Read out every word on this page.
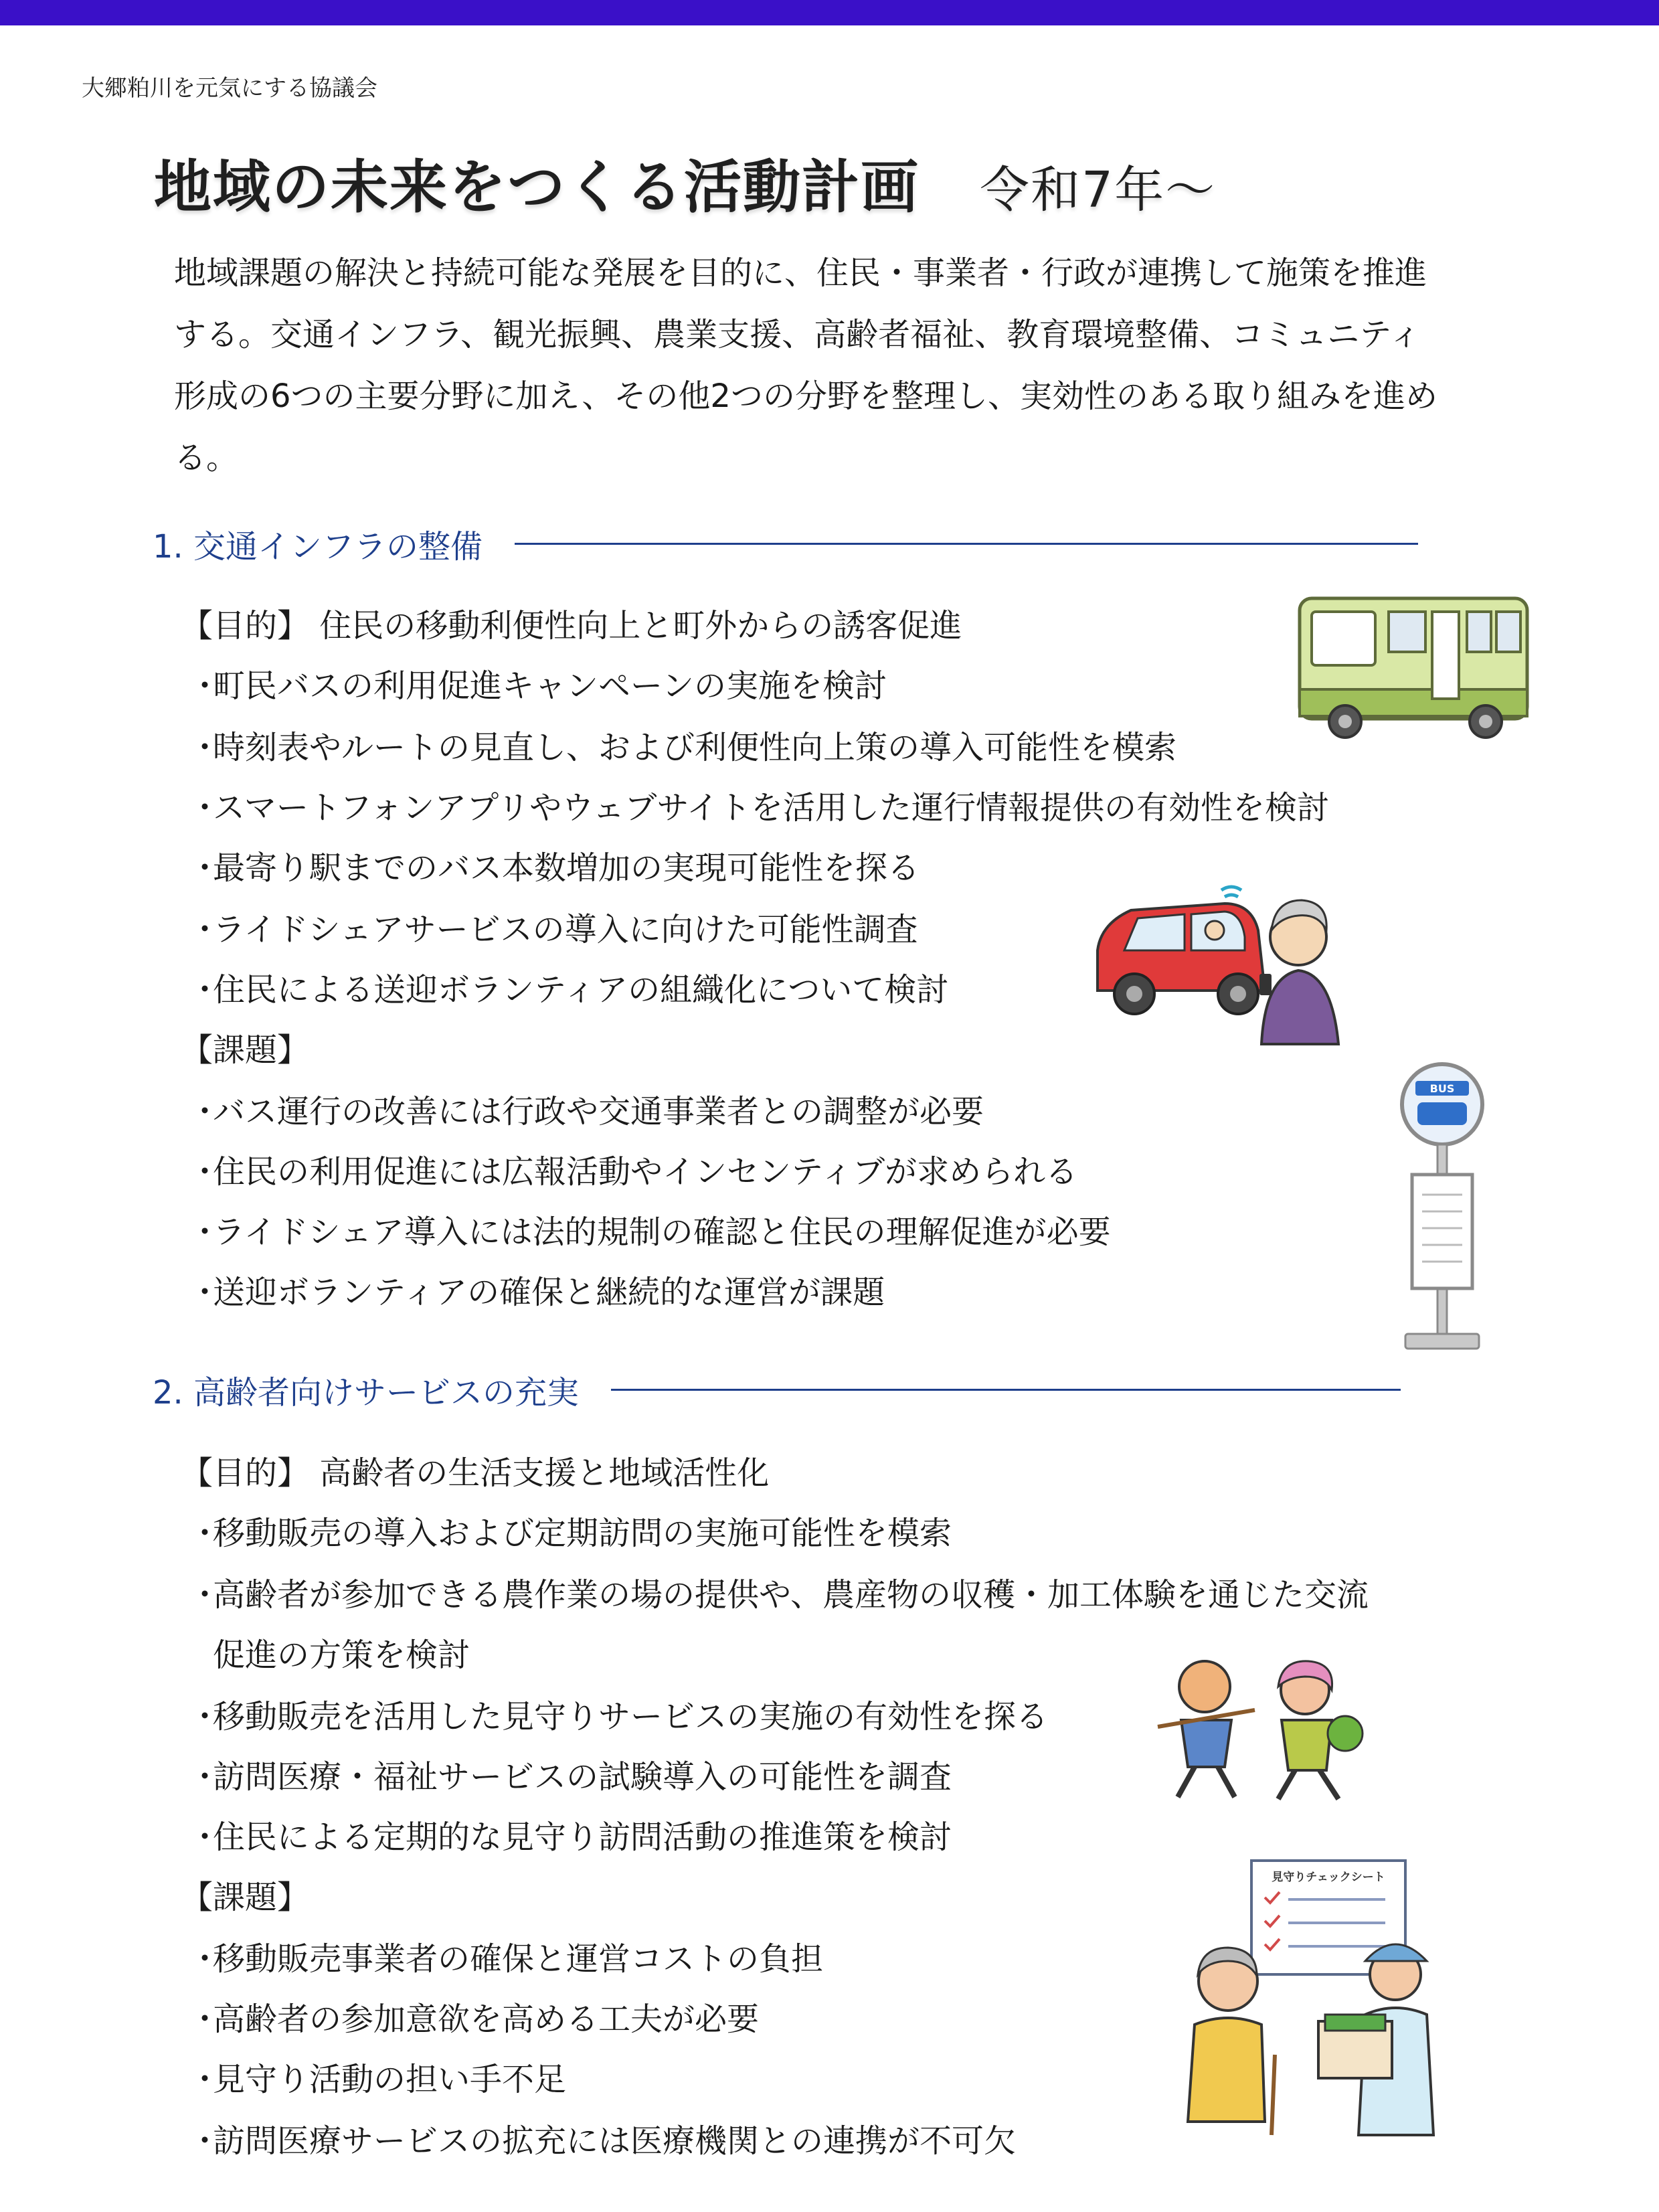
大郷粕川を元気にする協議会
地域の未来をつくる活動計画 令和7年～
地域課題の解決と持続可能な発展を目的に、住民・事業者・行政が連携して施策を推進する。交通インフラ、観光振興、農業支援、高齢者福祉、教育環境整備、コミュニティ形成の6つの主要分野に加え、その他2つの分野を整理し、実効性のある取り組みを進める。
1. 交通インフラの整備
【目的】 住民の移動利便性向上と町外からの誘客促進
・町民バスの利用促進キャンペーンの実施を検討
・時刻表やルートの見直し、および利便性向上策の導入可能性を模索
・スマートフォンアプリやウェブサイトを活用した運行情報提供の有効性を検討
・最寄り駅までのバス本数増加の実現可能性を探る
・ライドシェアサービスの導入に向けた可能性調査
・住民による送迎ボランティアの組織化について検討
【課題】
・バス運行の改善には行政や交通事業者との調整が必要
・住民の利用促進には広報活動やインセンティブが求められる
・ライドシェア導入には法的規制の確認と住民の理解促進が必要
・送迎ボランティアの確保と継続的な運営が課題
2. 高齢者向けサービスの充実
【目的】 高齢者の生活支援と地域活性化
・移動販売の導入および定期訪問の実施可能性を模索
・高齢者が参加できる農作業の場の提供や、農産物の収穫・加工体験を通じた交流
促進の方策を検討
・移動販売を活用した見守りサービスの実施の有効性を探る
・訪問医療・福祉サービスの試験導入の可能性を調査
・住民による定期的な見守り訪問活動の推進策を検討
【課題】
・移動販売事業者の確保と運営コストの負担
・高齢者の参加意欲を高める工夫が必要
・見守り活動の担い手不足
・訪問医療サービスの拡充には医療機関との連携が不可欠
BUS
見守りチェックシート
